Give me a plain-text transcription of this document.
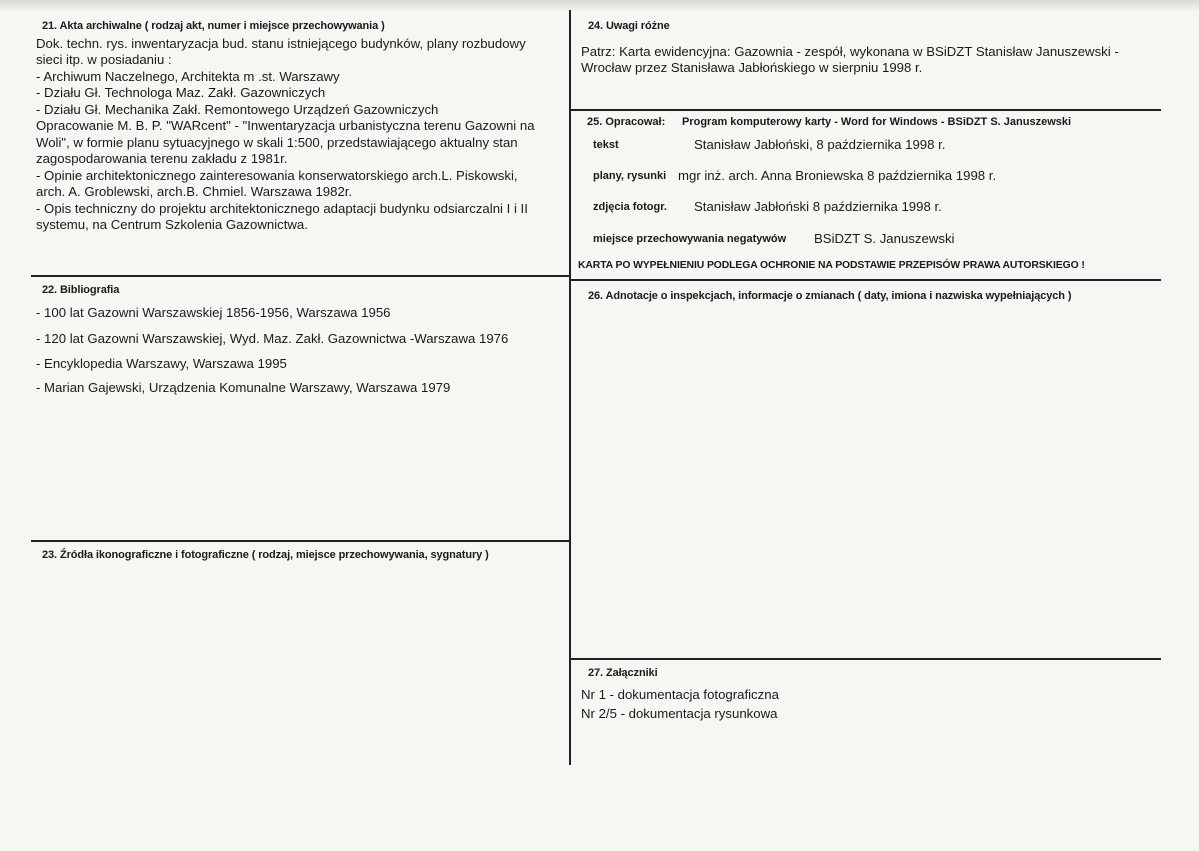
21. Akta archiwalne ( rodzaj akt, numer i miejsce przechowywania )
Dok. techn. rys. inwentaryzacja bud. stanu istniejącego budynków, plany rozbudowy
sieci itp. w posiadaniu :
- Archiwum Naczelnego, Architekta m .st. Warszawy
- Działu Gł. Technologa Maz. Zakł. Gazowniczych
- Działu Gł. Mechanika Zakł. Remontowego Urządzeń Gazowniczych
Opracowanie M. B. P. "WARcent" - "Inwentaryzacja urbanistyczna terenu Gazowni na
Woli", w formie planu sytuacyjnego w skali 1:500, przedstawiającego aktualny stan
zagospodarowania terenu zakładu z 1981r.
- Opinie architektonicznego zainteresowania konserwatorskiego arch.L. Piskowski,
arch. A. Groblewski, arch.B. Chmiel. Warszawa 1982r.
- Opis techniczny do projektu architektonicznego adaptacji budynku odsiarczalni I i II
systemu, na Centrum Szkolenia Gazownictwa.
22. Bibliografia
- 100 lat Gazowni Warszawskiej 1856-1956, Warszawa 1956
- 120 lat Gazowni Warszawskiej, Wyd. Maz. Zakł. Gazownictwa -Warszawa 1976
- Encyklopedia Warszawy, Warszawa 1995
- Marian Gajewski, Urządzenia Komunalne Warszawy, Warszawa 1979
23. Źródła ikonograficzne i fotograficzne ( rodzaj, miejsce przechowywania, sygnatury )
24. Uwagi różne
Patrz: Karta ewidencyjna: Gazownia - zespół, wykonana w BSiDZT Stanisław Januszewski -
Wrocław przez Stanisława Jabłońskiego w sierpniu 1998 r.
25. Opracował: Program komputerowy karty - Word for Windows - BSiDZT S. Januszewski
tekst	Stanisław Jabłoński, 8 października 1998 r.
plany, rysunki mgr inż. arch. Anna Broniewska 8 października 1998 r.
zdjęcia fotogr. Stanisław Jabłoński 8 października 1998 r.
miejsce przechowywania negatywów BSiDZT S. Januszewski
KARTA PO WYPEŁNIENIU PODLEGA OCHRONIE NA PODSTAWIE PRZEPISÓW PRAWA AUTORSKIEGO !
26. Adnotacje o inspekcjach, informacje o zmianach ( daty, imiona i nazwiska wypełniających )
27. Załączniki
Nr 1 - dokumentacja fotograficzna
Nr 2/5 - dokumentacja rysunkowa
